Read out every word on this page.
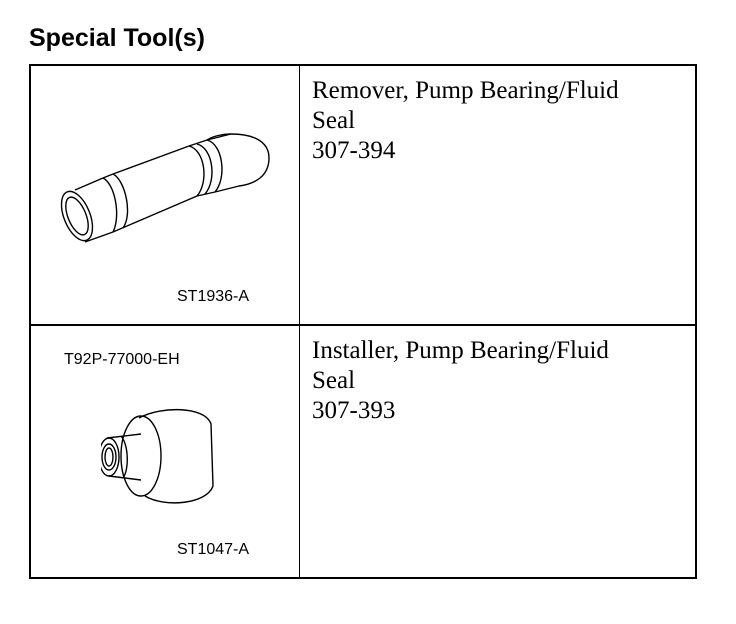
Special Tool(s)
ST1936-A
Remover, Pump Bearing/Fluid
Seal
307-394
T92P-77000-EH
ST1047-A
Installer, Pump Bearing/Fluid
Seal
307-393
